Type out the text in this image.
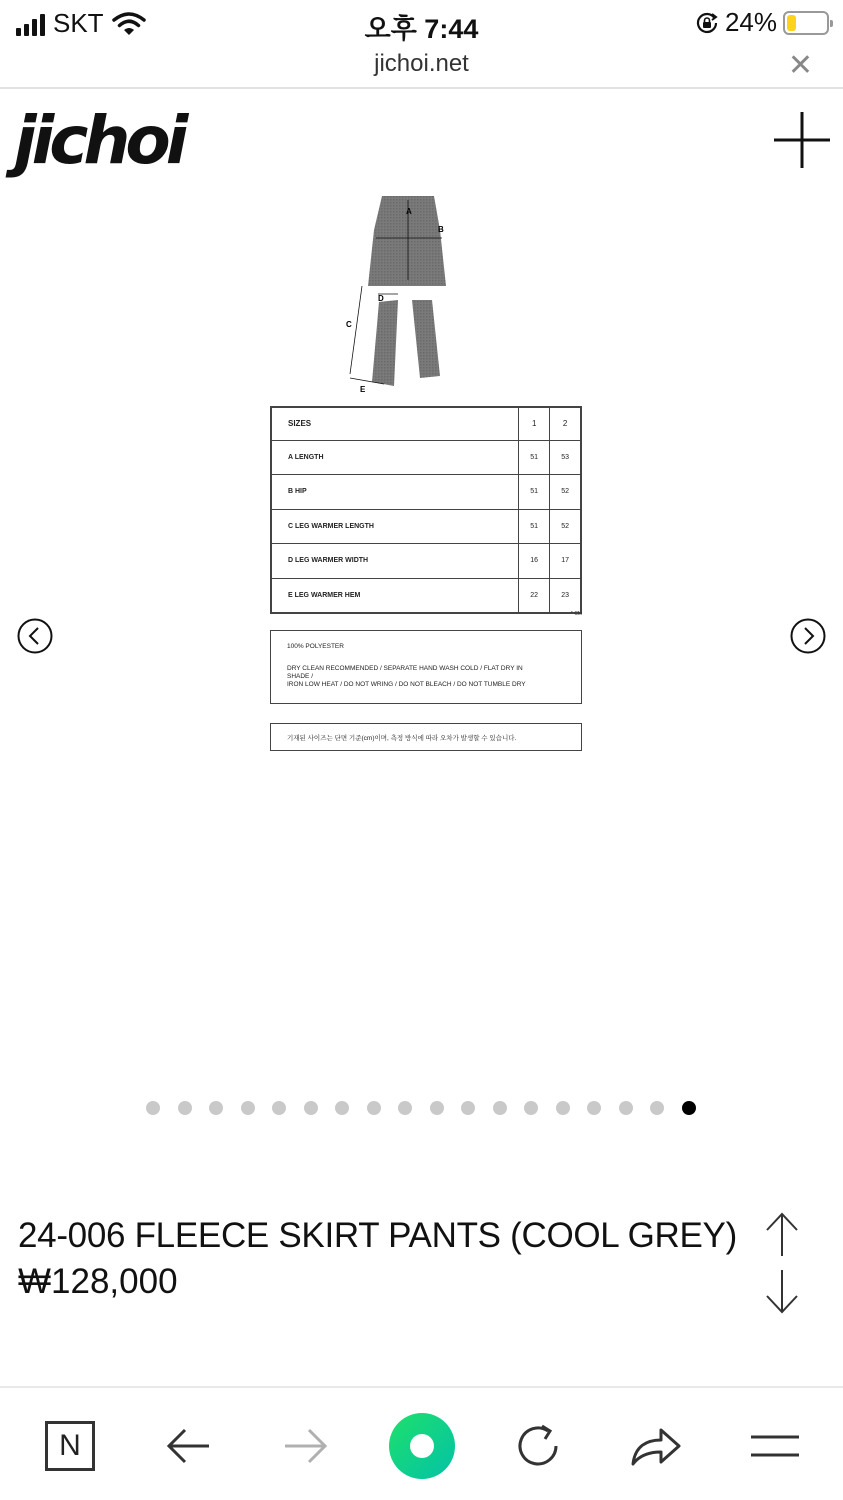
SKT	오후 7:44	24%
jichoi.net	✕
jichoi
A
B
C
D
E
SIZES	1	2
A LENGTH	51	53
B HIP	51	52
C LEG WARMER LENGTH	51	52
D LEG WARMER WIDTH	16	17
E LEG WARMER HEM	22	23
* CM
100% POLYESTER
DRY CLEAN RECOMMENDED / SEPARATE HAND WASH COLD / FLAT DRY IN
SHADE /
IRON LOW HEAT / DO NOT WRING / DO NOT BLEACH / DO NOT TUMBLE DRY
기재된 사이즈는 단면 기준(cm)이며, 측정 방식에 따라 오차가 발생할 수 있습니다.
24-006 FLEECE SKIRT PANTS (COOL GREY)
₩128,000
N
